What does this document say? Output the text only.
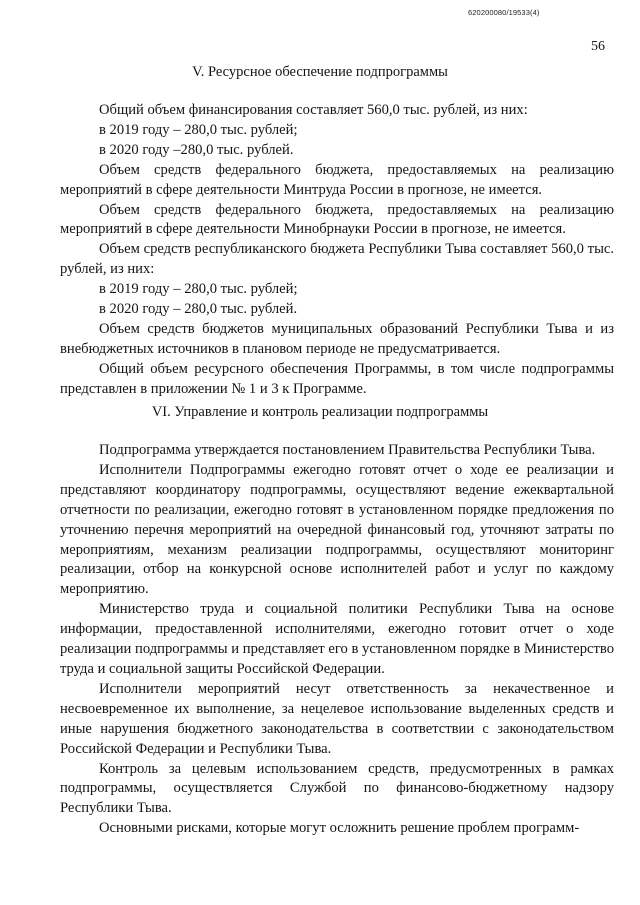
620200080/19533(4)
56
V. Ресурсное обеспечение подпрограммы

Общий объем финансирования составляет 560,0 тыс. рублей, из них:

в 2019 году – 280,0 тыс. рублей;

в 2020 году –280,0 тыс. рублей.

Объем средств федерального бюджета, предоставляемых на реализацию мероприятий в сфере деятельности Минтруда России в прогнозе, не имеется.

Объем средств федерального бюджета, предоставляемых на реализацию мероприятий в сфере деятельности Минобрнауки России в прогнозе, не имеется.

Объем средств республиканского бюджета Республики Тыва составляет 560,0 тыс. рублей, из них:

в 2019 году – 280,0 тыс. рублей;

в 2020 году – 280,0 тыс. рублей.

Объем средств бюджетов муниципальных образований Республики Тыва и из внебюджетных источников в плановом периоде не предусматривается.

Общий объем ресурсного обеспечения Программы, в том числе подпрограммы представлен в приложении № 1 и 3 к Программе.

VI. Управление и контроль реализации подпрограммы

Подпрограмма утверждается постановлением Правительства Республики Тыва.

Исполнители Подпрограммы ежегодно готовят отчет о ходе ее реализации и представляют координатору подпрограммы, осуществляют ведение ежеквартальной отчетности по реализации, ежегодно готовят в установленном порядке предложения по уточнению перечня мероприятий на очередной финансовый год, уточняют затраты по мероприятиям, механизм реализации подпрограммы, осуществляют мониторинг реализации, отбор на конкурсной основе исполнителей работ и услуг по каждому мероприятию.

Министерство труда и социальной политики Республики Тыва на основе информации, предоставленной исполнителями, ежегодно готовит отчет о ходе реализации подпрограммы и представляет его в установленном порядке в Министерство труда и социальной защиты Российской Федерации.

Исполнители мероприятий несут ответственность за некачественное и несвоевременное их выполнение, за нецелевое использование выделенных средств и иные нарушения бюджетного законодательства в соответствии с законодательством Российской Федерации и Республики Тыва.

Контроль за целевым использованием средств, предусмотренных в рамках подпрограммы, осуществляется Службой по финансово-бюджетному надзору Республики Тыва.

Основными рисками, которые могут осложнить решение проблем программ-
